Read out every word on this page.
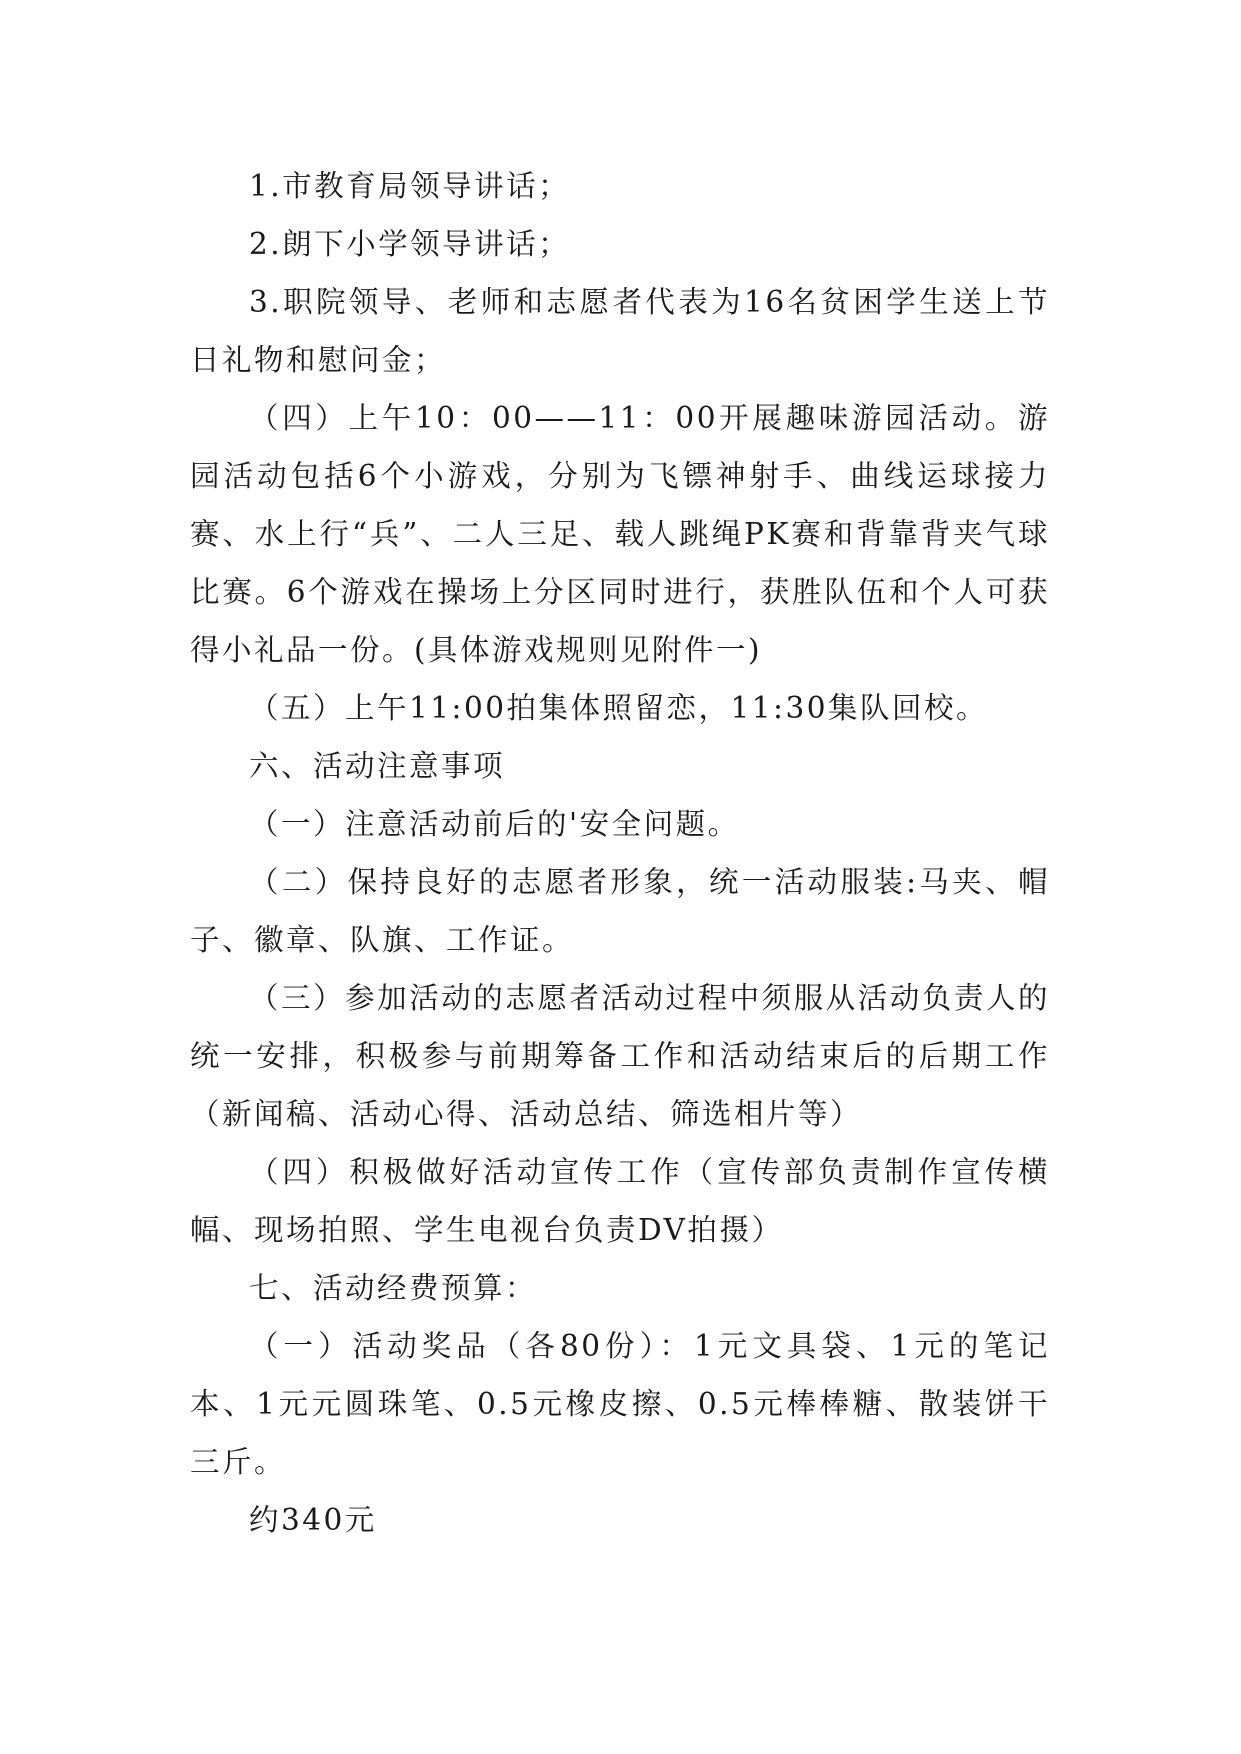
1.市教育局领导讲话；

2.朗下小学领导讲话；

3.职院领导、老师和志愿者代表为16名贫困学生送上节日礼物和慰问金；

（四）上午10：00——11：00开展趣味游园活动。游园活动包括6个小游戏，分别为飞镖神射手、曲线运球接力赛、水上行“兵”、二人三足、载人跳绳PK赛和背靠背夹气球比赛。6个游戏在操场上分区同时进行，获胜队伍和个人可获得小礼品一份。(具体游戏规则见附件一)

（五）上午11:00拍集体照留恋，11:30集队回校。

六、活动注意事项

（一）注意活动前后的'安全问题。

（二）保持良好的志愿者形象，统一活动服装:马夹、帽子、徽章、队旗、工作证。

（三）参加活动的志愿者活动过程中须服从活动负责人的统一安排，积极参与前期筹备工作和活动结束后的后期工作（新闻稿、活动心得、活动总结、筛选相片等）

（四）积极做好活动宣传工作（宣传部负责制作宣传横幅、现场拍照、学生电视台负责DV拍摄）

七、活动经费预算：

（一）活动奖品（各80份）：1元文具袋、1元的笔记本、1元元圆珠笔、0.5元橡皮擦、0.5元棒棒糖、散装饼干三斤。

约340元
